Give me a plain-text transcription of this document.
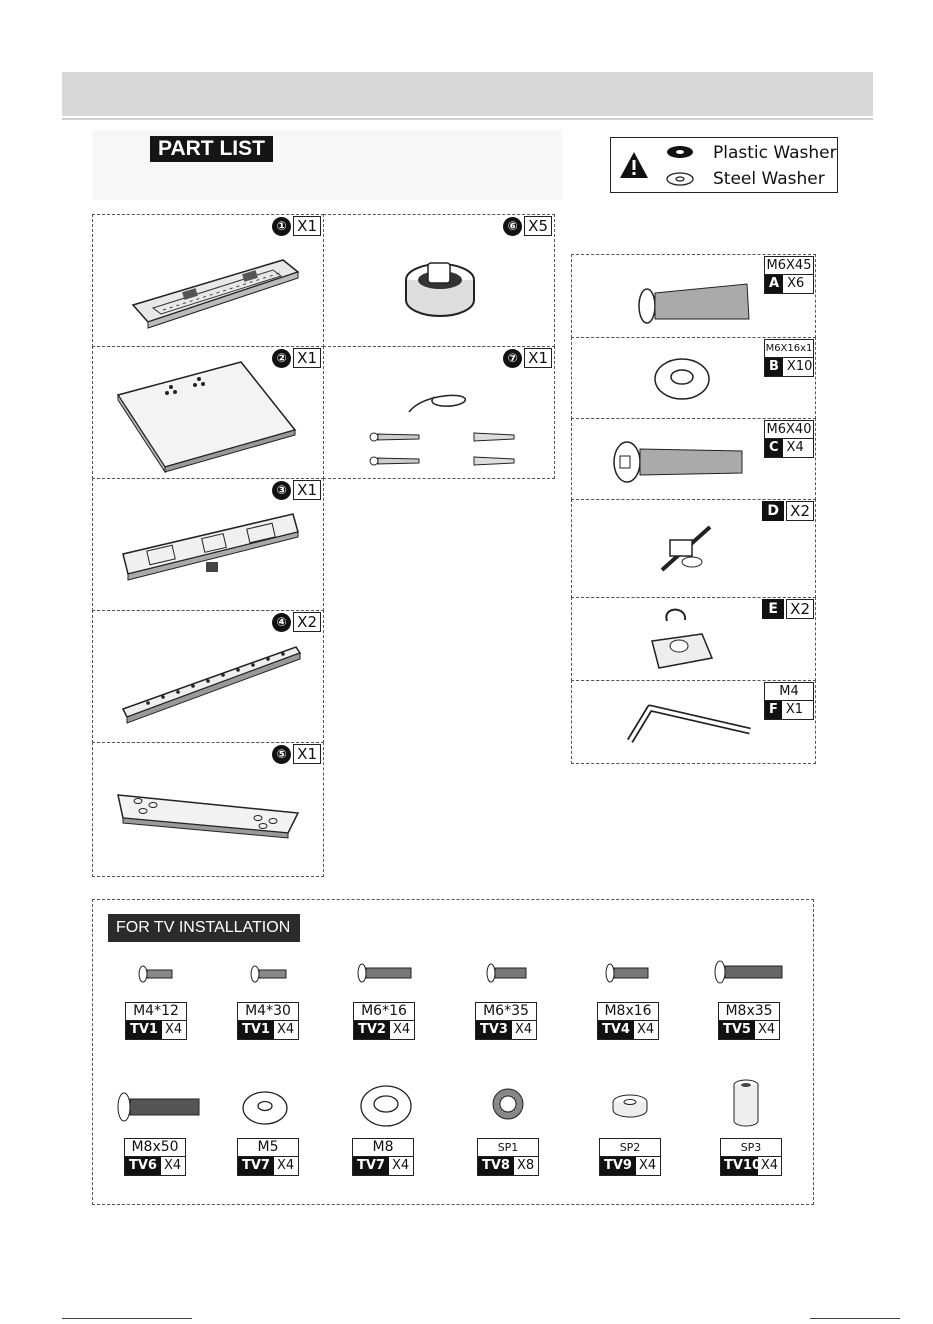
PART LIST	Plastic Washer
Steel Washer
① X1
② X1
③ X1
④ X2
⑤ X1
⑥ X5
⑦ X1
M6X45
A X6
M6X16x1
B X10
M6X40
C X4
D X2
E X2
M4
F X1
FOR TV INSTALLATION
M4*12
TV1 X4
M4*30
TV1 X4
M6*16
TV2 X4
M6*35
TV3 X4
M8x16
TV4 X4
M8x35
TV5 X4
M8x50
TV6 X4
M5
TV7 X4
M8
TV7 X4
SP1
TV8 X8
SP2
TV9 X4
SP3
TV10 X4
